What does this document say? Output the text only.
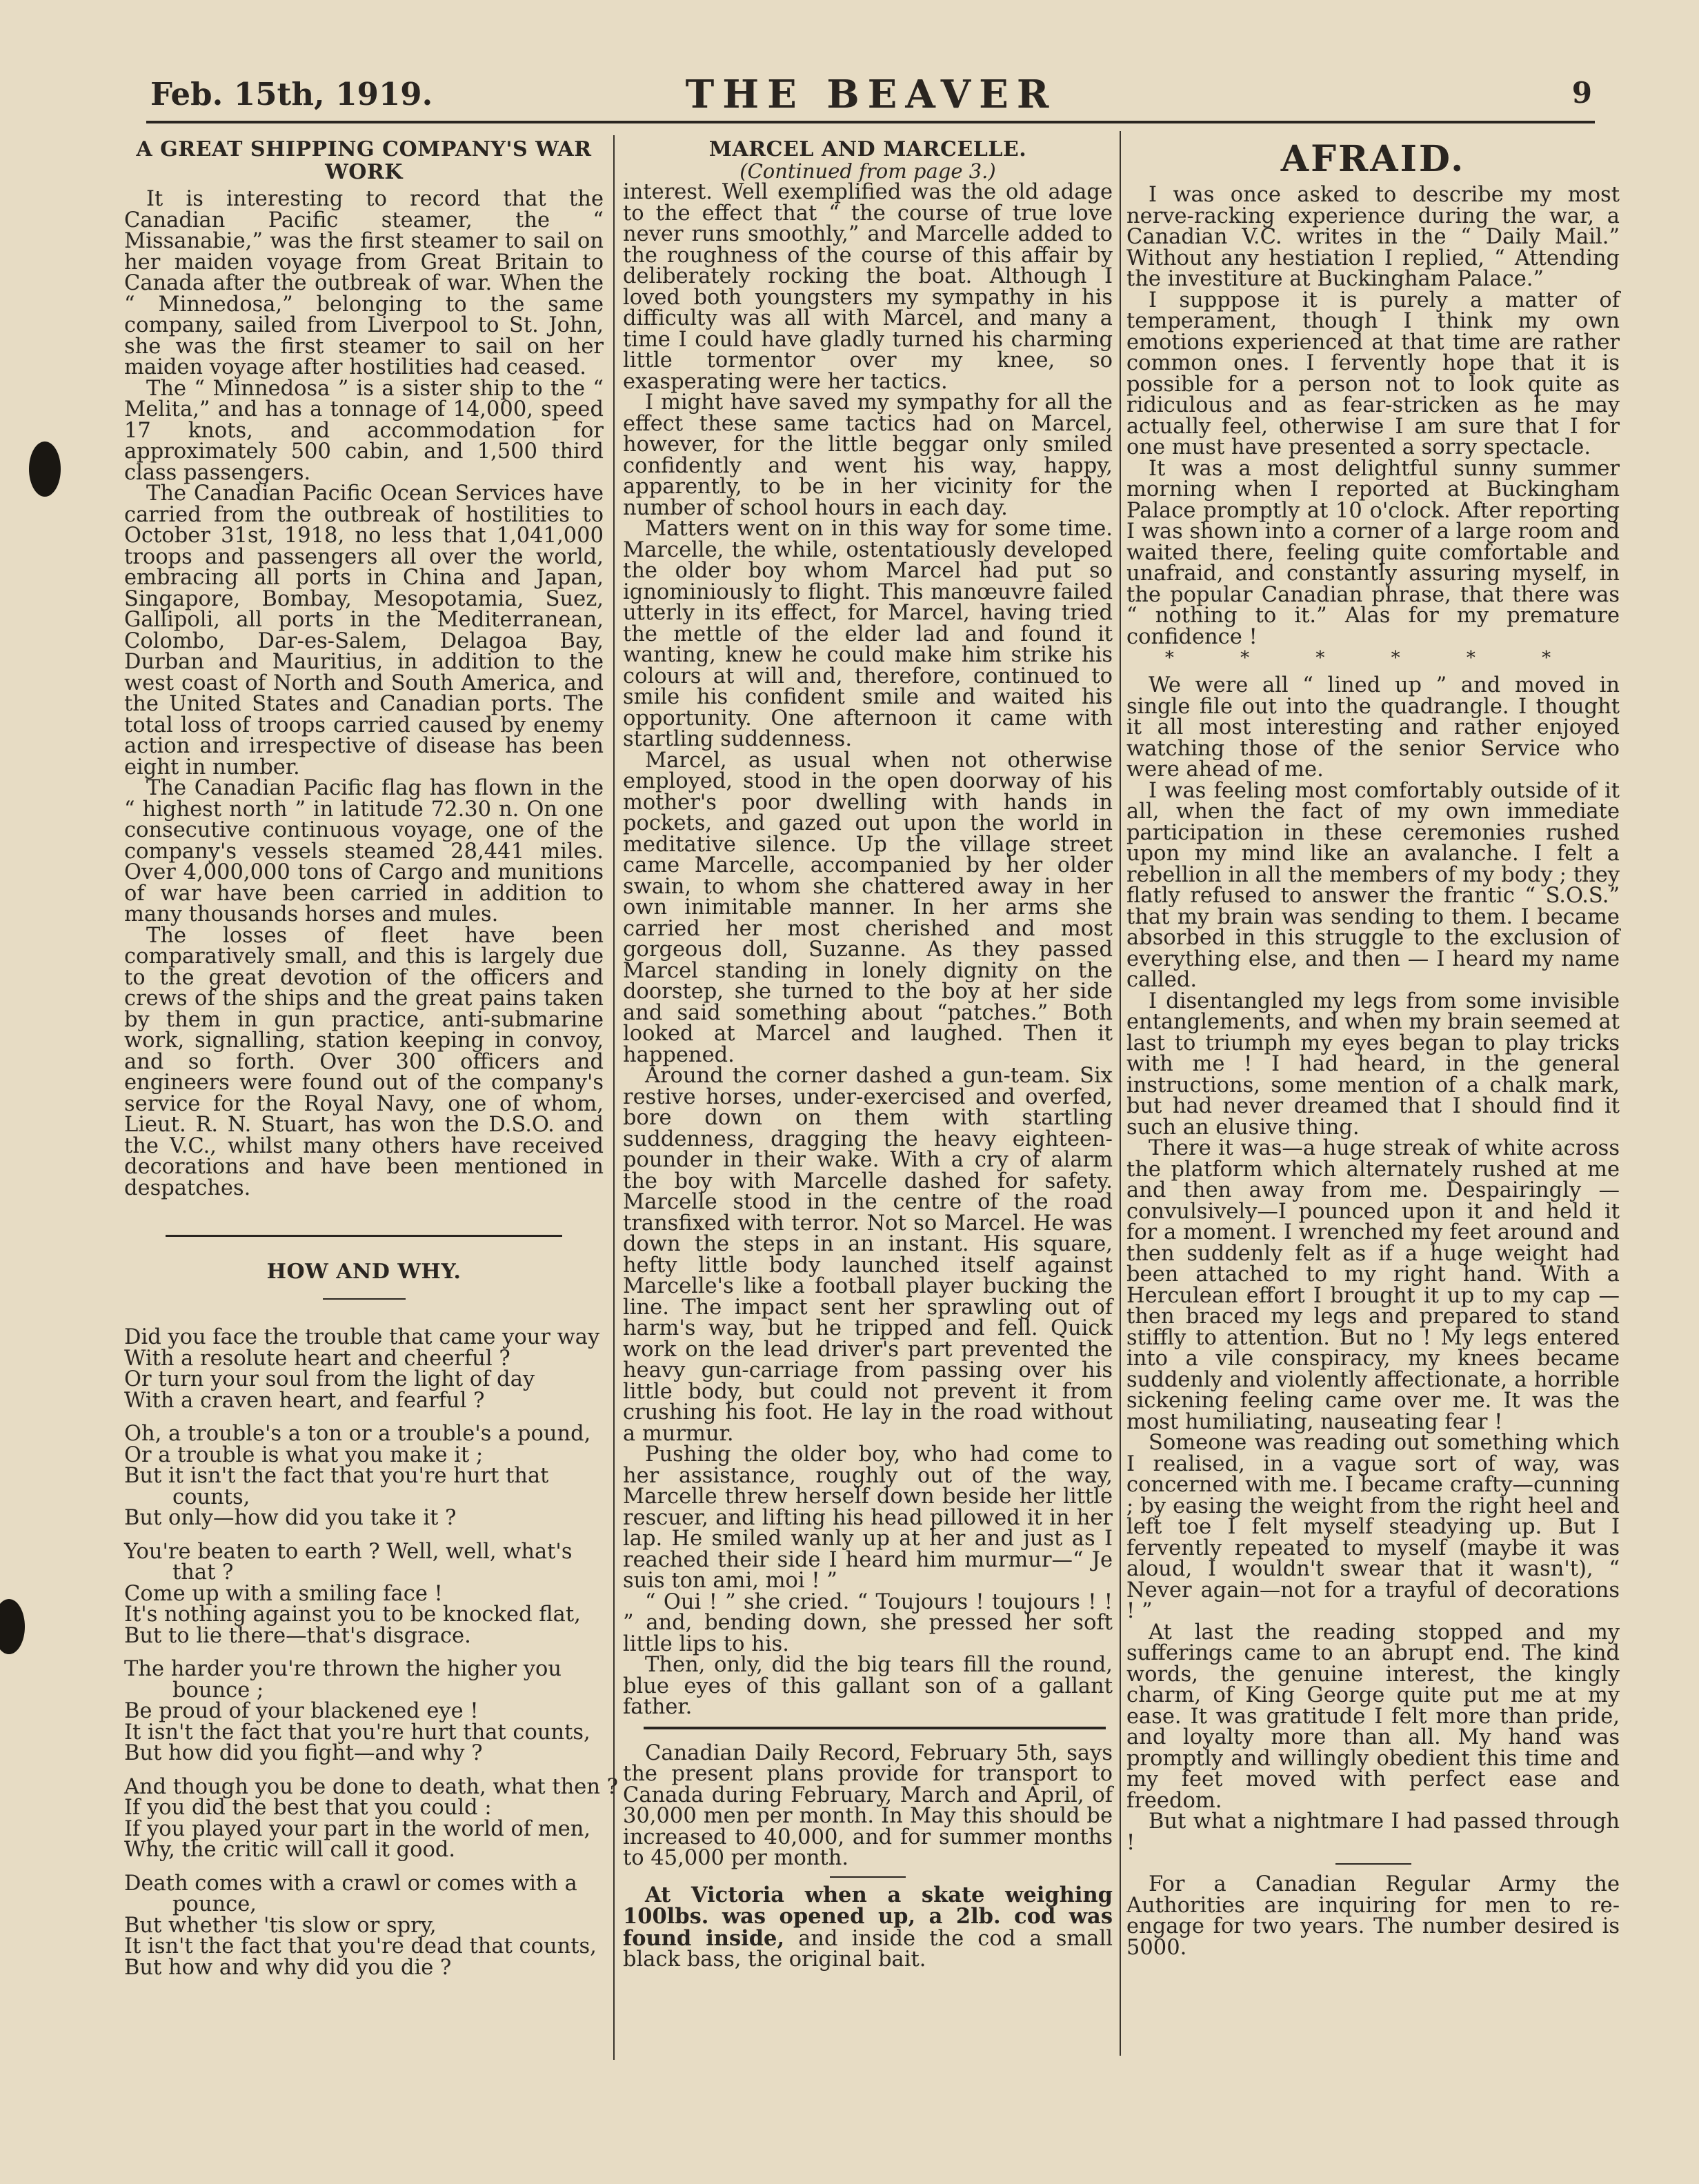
Feb. 15th, 1919.	THE BEAVER	9
A GREAT SHIPPING COMPANY'S WAR
WORK

It is interesting to record that the Canadian Pacific steamer, the “ Missanabie,” was the first steamer to sail on her maiden voyage from Great Britain to Canada after the outbreak of war. When the “ Minnedosa,” belonging to the same company, sailed from Liverpool to St. John, she was the first steamer to sail on her maiden voyage after hostilities had ceased.

The “ Minnedosa ” is a sister ship to the “ Melita,” and has a tonnage of 14,000, speed 17 knots, and accommodation for approximately 500 cabin, and 1,500 third class passengers.

The Canadian Pacific Ocean Services have carried from the outbreak of hostilities to October 31st, 1918, no less that 1,041,000 troops and passengers all over the world, embracing all ports in China and Japan, Singapore, Bombay, Mesopotamia, Suez, Gallipoli, all ports in the Mediterranean, Colombo, Dar-es-Salem, Delagoa Bay, Durban and Mauritius, in addition to the west coast of North and South America, and the United States and Canadian ports. The total loss of troops carried caused by enemy action and irrespective of disease has been eight in number.

The Canadian Pacific flag has flown in the “ highest north ” in latitude 72.30 n. On one consecutive continuous voyage, one of the company's vessels steamed 28,441 miles. Over 4,000,000 tons of Cargo and munitions of war have been carried in addition to many thousands horses and mules.

The losses of fleet have been comparatively small, and this is largely due to the great devotion of the officers and crews of the ships and the great pains taken by them in gun practice, anti-submarine work, signalling, station keeping in convoy, and so forth. Over 300 officers and engineers were found out of the company's service for the Royal Navy, one of whom, Lieut. R. N. Stuart, has won the D.S.O. and the V.C., whilst many others have received decorations and have been mentioned in despatches.

HOW AND WHY.
Did you face the trouble that came your way
With a resolute heart and cheerful ?
Or turn your soul from the light of day
With a craven heart, and fearful ?
Oh, a trouble's a ton or a trouble's a pound,
Or a trouble is what you make it ;
But it isn't the fact that you're hurt that
counts,
But only—how did you take it ?
You're beaten to earth ? Well, well, what's
that ?
Come up with a smiling face !
It's nothing against you to be knocked flat,
But to lie there—that's disgrace.
The harder you're thrown the higher you
bounce ;
Be proud of your blackened eye !
It isn't the fact that you're hurt that counts,
But how did you fight—and why ?
And though you be done to death, what then ?
If you did the best that you could :
If you played your part in the world of men,
Why, the critic will call it good.
Death comes with a crawl or comes with a
pounce,
But whether 'tis slow or spry,
It isn't the fact that you're dead that counts,
But how and why did you die ?
MARCEL AND MARCELLE.
(Continued from page 3.)

interest. Well exemplified was the old adage to the effect that “ the course of true love never runs smoothly,” and Marcelle added to the roughness of the course of this affair by deliberately rocking the boat. Although I loved both youngsters my sympathy in his difficulty was all with Marcel, and many a time I could have gladly turned his charming little tormentor over my knee, so exasperating were her tactics.

I might have saved my sympathy for all the effect these same tactics had on Marcel, however, for the little beggar only smiled confidently and went his way, happy, apparently, to be in her vicinity for the number of school hours in each day.

Matters went on in this way for some time. Marcelle, the while, ostentatiously developed the older boy whom Marcel had put so ignominiously to flight. This manœuvre failed utterly in its effect, for Marcel, having tried the mettle of the elder lad and found it wanting, knew he could make him strike his colours at will and, therefore, continued to smile his confident smile and waited his opportunity. One afternoon it came with startling suddenness.

Marcel, as usual when not otherwise employed, stood in the open doorway of his mother's poor dwelling with hands in pockets, and gazed out upon the world in meditative silence. Up the village street came Marcelle, accompanied by her older swain, to whom she chattered away in her own inimitable manner. In her arms she carried her most cherished and most gorgeous doll, Suzanne. As they passed Marcel standing in lonely dignity on the doorstep, she turned to the boy at her side and said something about “patches.” Both looked at Marcel and laughed. Then it happened.

Around the corner dashed a gun-team. Six restive horses, under-exercised and overfed, bore down on them with startling suddenness, dragging the heavy eighteen-pounder in their wake. With a cry of alarm the boy with Marcelle dashed for safety. Marcelle stood in the centre of the road transfixed with terror. Not so Marcel. He was down the steps in an instant. His square, hefty little body launched itself against Marcelle's like a football player bucking the line. The impact sent her sprawling out of harm's way, but he tripped and fell. Quick work on the lead driver's part prevented the heavy gun-carriage from passing over his little body, but could not prevent it from crushing his foot. He lay in the road without a murmur.

Pushing the older boy, who had come to her assistance, roughly out of the way, Marcelle threw herself down beside her little rescuer, and lifting his head pillowed it in her lap. He smiled wanly up at her and just as I reached their side I heard him murmur—“ Je suis ton ami, moi ! ”

“ Oui ! ” she cried. “ Toujours ! toujours ! ! ” and, bending down, she pressed her soft little lips to his.

Then, only, did the big tears fill the round, blue eyes of this gallant son of a gallant father.

Canadian Daily Record, February 5th, says the present plans provide for transport to Canada during February, March and April, of 30,000 men per month. In May this should be increased to 40,000, and for summer months to 45,000 per month.

At Victoria when a skate weighing 100lbs. was opened up, a 2lb. cod was found inside, and inside the cod a small black bass, the original bait.

AFRAID.

I was once asked to describe my most nerve-racking experience during the war, a Canadian V.C. writes in the “ Daily Mail.” Without any hestiation I replied, “ Attending the investiture at Buckingham Palace.”

I supppose it is purely a matter of temperament, though I think my own emotions experienced at that time are rather common ones. I fervently hope that it is possible for a person not to look quite as ridiculous and as fear-stricken as he may actually feel, otherwise I am sure that I for one must have presented a sorry spectacle.

It was a most delightful sunny summer morning when I reported at Buckingham Palace promptly at 10 o'clock. After reporting I was shown into a corner of a large room and waited there, feeling quite comfortable and unafraid, and constantly assuring myself, in the popular Canadian phrase, that there was “ nothing to it.” Alas for my premature confidence !

* * * * * *

We were all “ lined up ” and moved in single file out into the quadrangle. I thought it all most interesting and rather enjoyed watching those of the senior Service who were ahead of me.

I was feeling most comfortably outside of it all, when the fact of my own immediate participation in these ceremonies rushed upon my mind like an avalanche. I felt a rebellion in all the members of my body ; they flatly refused to answer the frantic “ S.O.S.” that my brain was sending to them. I became absorbed in this struggle to the exclusion of everything else, and then — I heard my name called.

I disentangled my legs from some invisible entanglements, and when my brain seemed at last to triumph my eyes began to play tricks with me ! I had heard, in the general instructions, some mention of a chalk mark, but had never dreamed that I should find it such an elusive thing.

There it was—a huge streak of white across the platform which alternately rushed at me and then away from me. Despairingly —convulsively—I pounced upon it and held it for a moment. I wrenched my feet around and then suddenly felt as if a huge weight had been attached to my right hand. With a Herculean effort I brought it up to my cap —then braced my legs and prepared to stand stiffly to attention. But no ! My legs entered into a vile conspiracy, my knees became suddenly and violently affectionate, a horrible sickening feeling came over me. It was the most humiliating, nauseating fear !

Someone was reading out something which I realised, in a vague sort of way, was concerned with me. I became crafty—cunning ; by easing the weight from the right heel and left toe I felt myself steadying up. But I fervently repeated to myself (maybe it was aloud, I wouldn't swear that it wasn't), “ Never again—not for a trayful of decorations ! ”

At last the reading stopped and my sufferings came to an abrupt end. The kind words, the genuine interest, the kingly charm, of King George quite put me at my ease. It was gratitude I felt more than pride, and loyalty more than all. My hand was promptly and willingly obedient this time and my feet moved with perfect ease and freedom.

But what a nightmare I had passed through !

For a Canadian Regular Army the Authorities are inquiring for men to re-engage for two years. The number desired is 5000.
